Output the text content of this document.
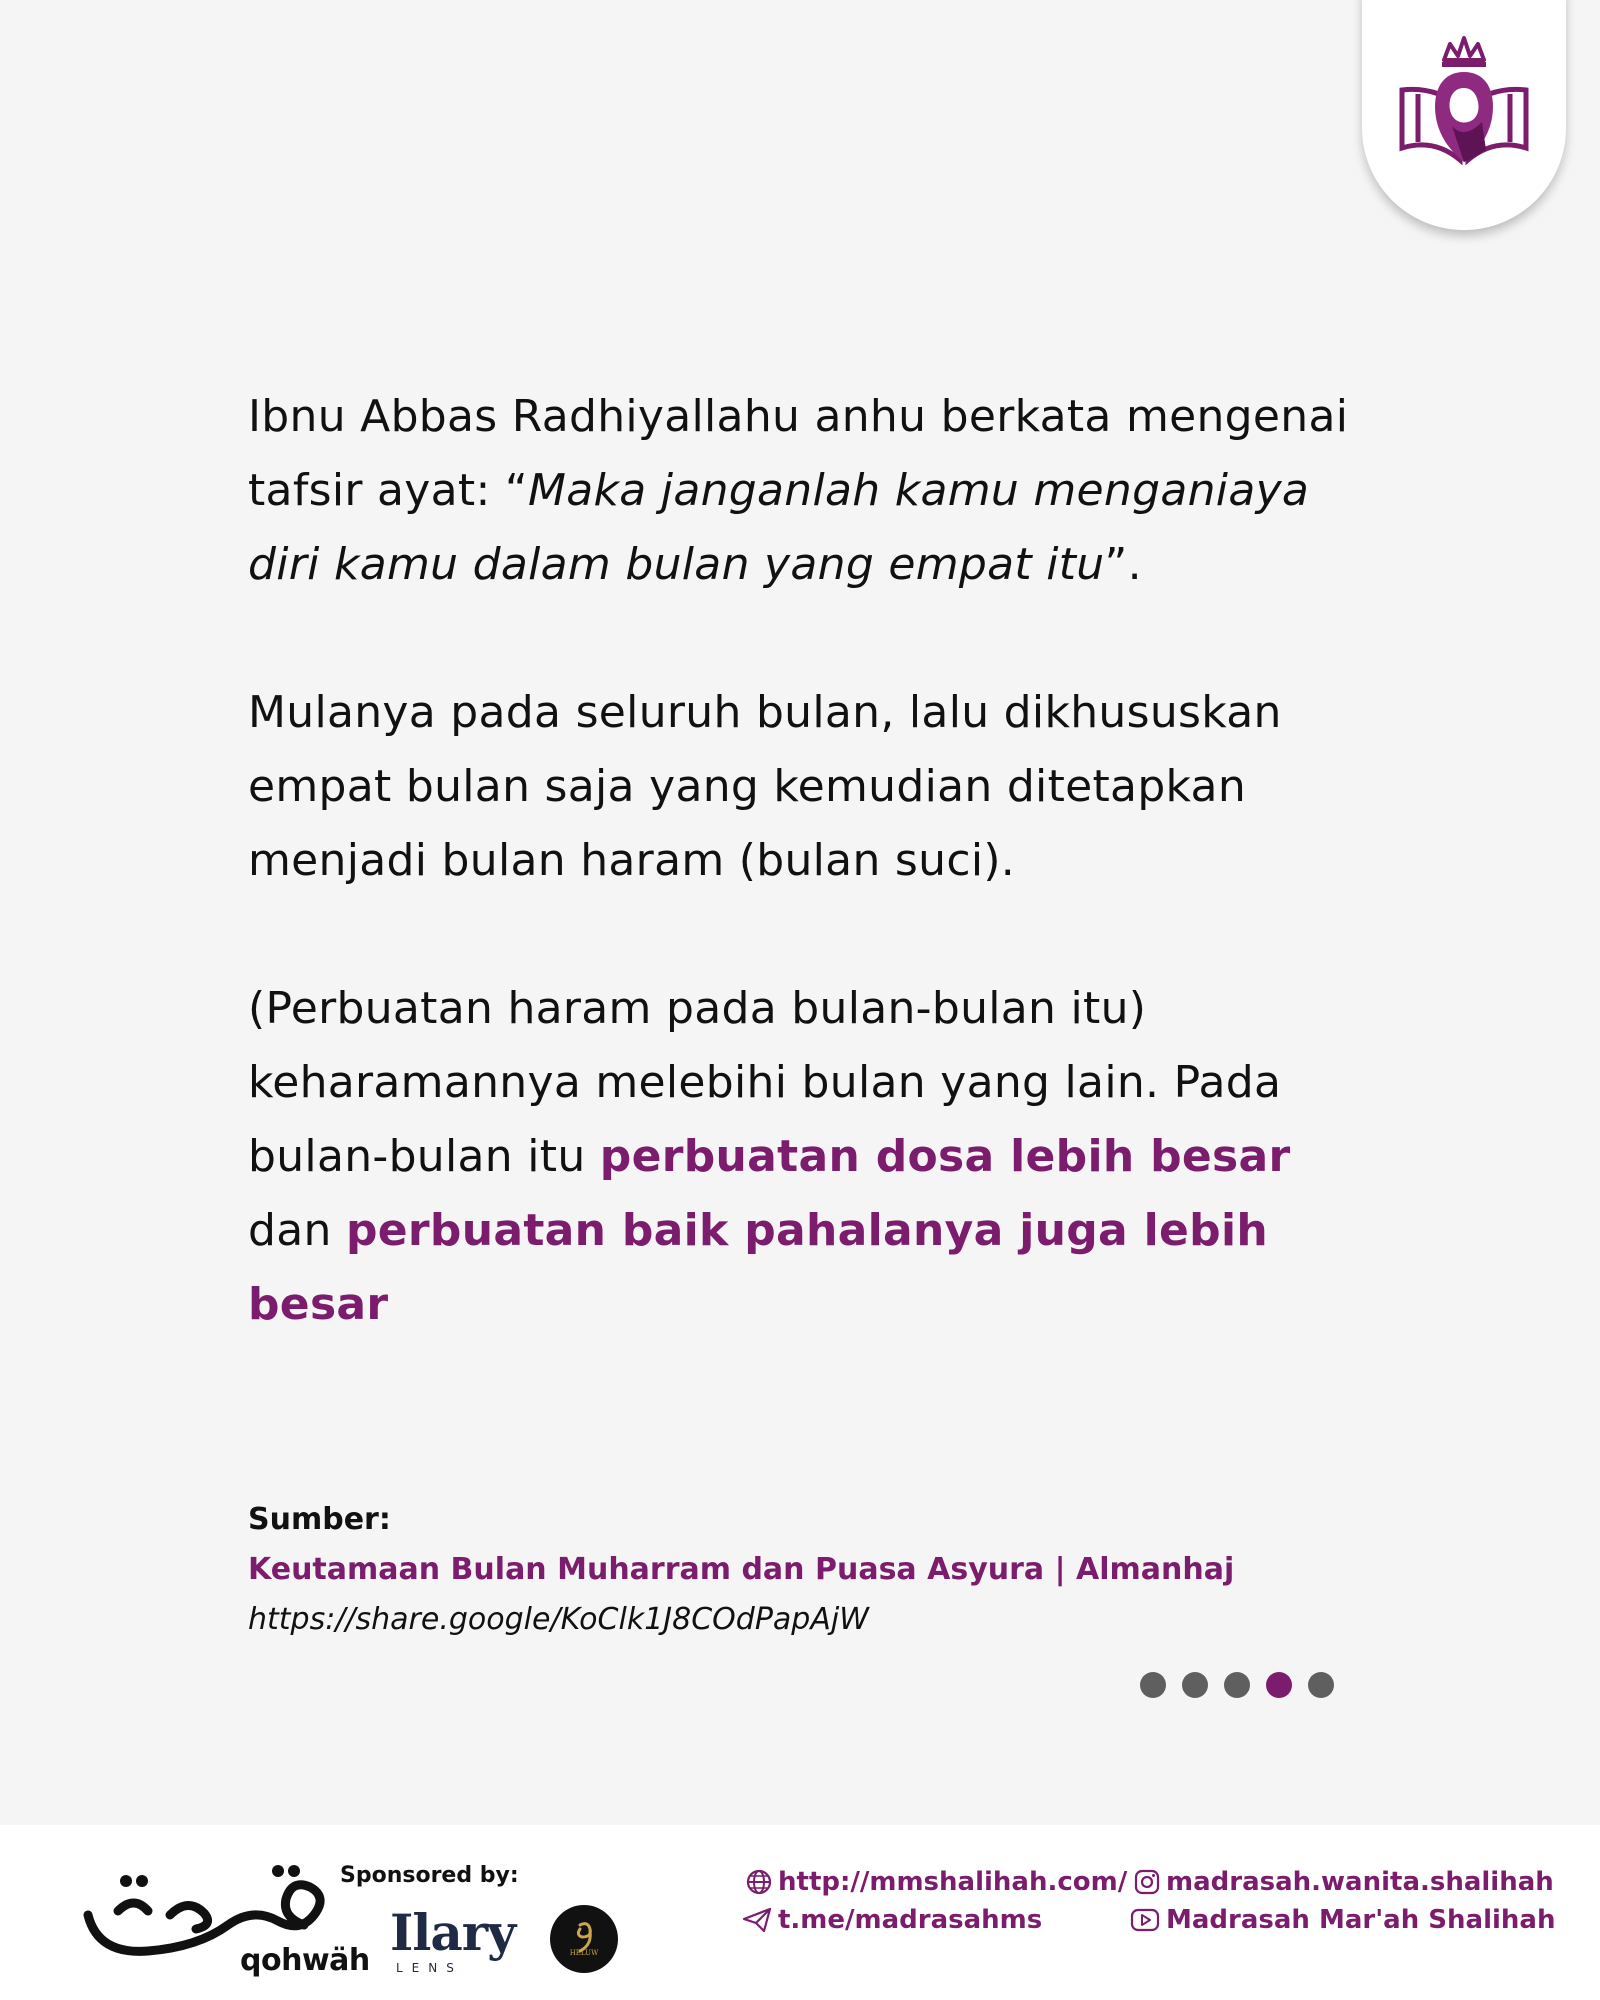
Ibnu Abbas Radhiyallahu anhu berkata mengenai tafsir ayat: “Maka janganlah kamu menganiaya diri kamu dalam bulan yang empat itu”.

Mulanya pada seluruh bulan, lalu dikhususkan empat bulan saja yang kemudian ditetapkan menjadi bulan haram (bulan suci).

(Perbuatan haram pada bulan-bulan itu) keharamannya melebihi bulan yang lain. Pada bulan-bulan itu perbuatan dosa lebih besar dan perbuatan baik pahalanya juga lebih besar

Sumber:
Keutamaan Bulan Muharram dan Puasa Asyura | Almanhaj
https://share.google/KoClk1J8COdPapAjW
qohwäh
Sponsored by:
Ilary
LENS
HELUW
http://mmshalihah.com/
t.me/madrasahms
madrasah.wanita.shalihah
Madrasah Mar'ah Shalihah
